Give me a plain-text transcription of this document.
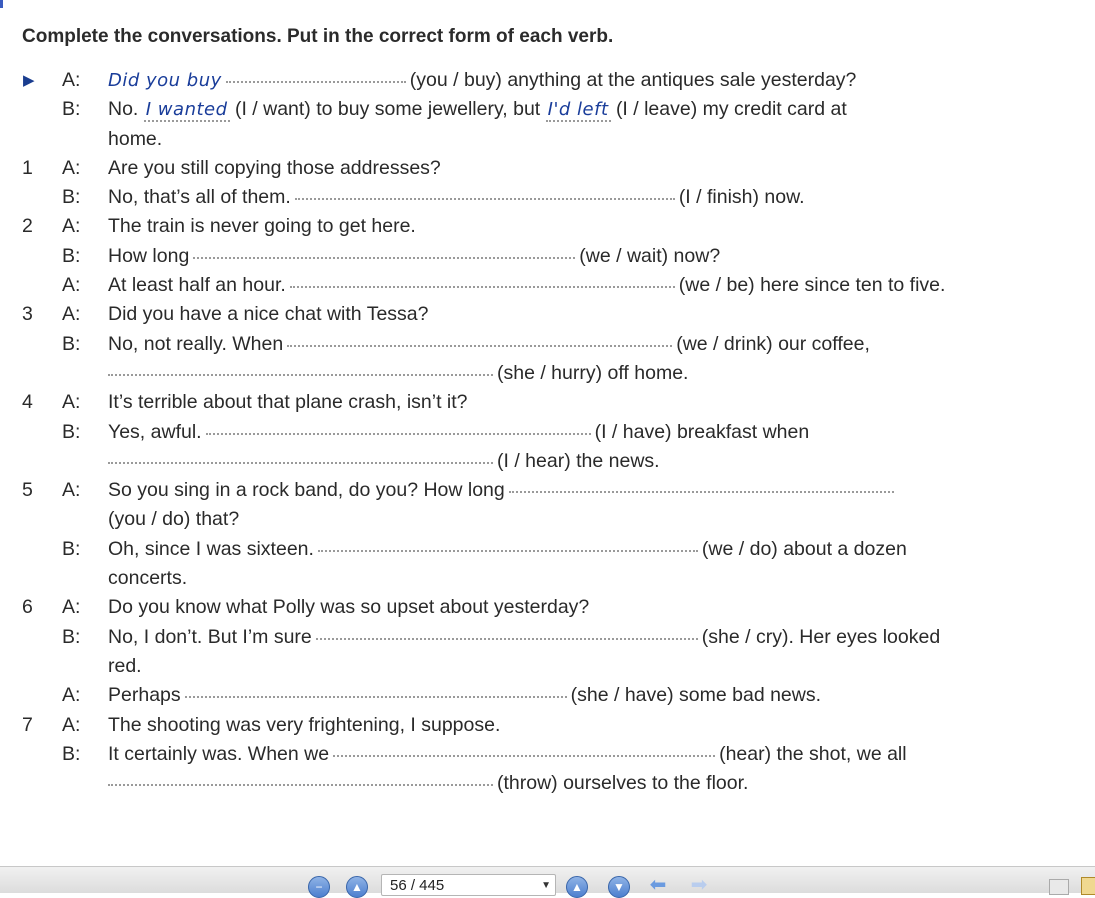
Complete the conversations. Put in the correct form of each verb.
▶ A: Did you buy	(you / buy) anything at the antiques sale yesterday?
B: No. I wanted (I / want) to buy some jewellery, but I'd left (I / leave) my credit card at
home.
1 A: Are you still copying those addresses?
B: No, that’s all of them.	(I / finish) now.
2 A: The train is never going to get here.
B: How long	(we / wait) now?
A: At least half an hour.	(we / be) here since ten to five.
3 A: Did you have a nice chat with Tessa?
B: No, not really. When	(we / drink) our coffee,
(she / hurry) off home.
4 A: It’s terrible about that plane crash, isn’t it?
B: Yes, awful.	(I / have) breakfast when
(I / hear) the news.
5 A: So you sing in a rock band, do you? How long
(you / do) that?
B: Oh, since I was sixteen.	(we / do) about a dozen
concerts.
6 A: Do you know what Polly was so upset about yesterday?
B: No, I don’t. But I’m sure	(she / cry). Her eyes looked
red.
A: Perhaps	(she / have) some bad news.
7 A: The shooting was very frightening, I suppose.
B: It certainly was. When we	(hear) the shot, we all
(throw) ourselves to the floor.
−	▲	56 / 445	▼	▲	▼ ⬅ ➡
